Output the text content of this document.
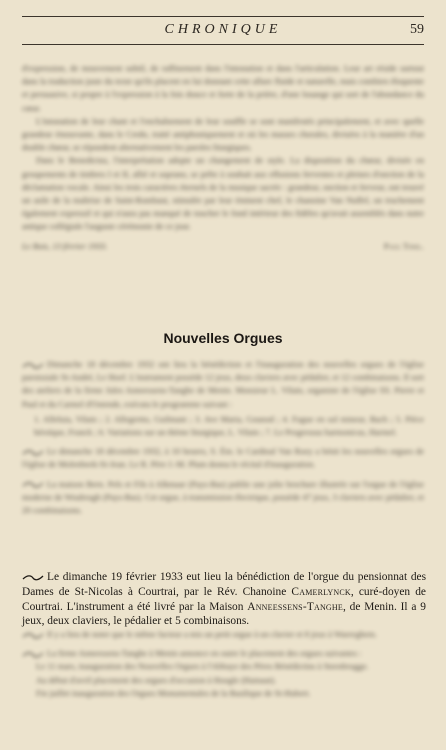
CHRONIQUE	59

d'expression, de mouvement subtil, de raffinement dans l'intonation et dans l'articulation. Leur art réside surtout dans la traduction juste du texte qu'ils placent en lui donnant cette allure fluide et naturelle, mais combien éloquente et persuasive, si propre à l'expression à la fois douce et forte de la prière, d'une louange qui sort de l'abondance du cœur.

L'intonation de leur chant et l'enchaînement de leur souffle se sont manifestés principalement, et avec quelle grandeur émouvante, dans le Credo, traité antiphoniquement et où les masses chorales, divisées à la manière d'un double chœur, se répondent alternativement les paroles liturgiques.

Dans le Benedictus, l'interprétation adopte un changement de style. La disposition du chœur, divisée en groupements de timbres I et II, allié et soprano, se prête à souhait aux effusions ferventes et pleines d'onction de la déclamation vocale. Ainsi les trois caractères éternels de la musique sacrée : grandeur, onction et ferveur, ont trouvé un asile de la maîtrise de Saint-Rombaut, stimulée par leur éminent chef, le chanoine Van Nuffel, un truchement également expressif et qui n'aura pas manqué de toucher le fond intérieur des fidèles qu'avait assemblés dans notre antique collégiale l'auguste cérémonie de ce jour.

Le Bois, 13 février 1933.	Paul Tinel.
Nouvelles Orgues

Dimanche 18 décembre 1932 ont lieu la bénédiction et l'inauguration des nouvelles orgues de l'église paroissiale St-André, Le Hoef. L'instrument possède 12 jeux, deux claviers avec pédalier, et 12 combinaisons. Il sort des ateliers de la firme Jules Anneessens-Tanghe de Menin. Monsieur L. Vilain, organiste de l'église SS. Pierre et Paul et du Carmel d'Ostende, exécuta le programme suivant :

1. Alleluia, Vilain ; 2. Allegretto, Guilmant ; 3. Ave Maria, Gounod ; 4. Fugue en sol mineur, Bach ; 5. Pièce héroïque, Franck ; 6. Variations sur un thème liturgique, L. Vilain ; 7. Le Progressus harmonicus, Harmel.

Le dimanche 18 décembre 1932, à 10 heures, S. Ém. le Cardinal Van Roey a bénit les nouvelles orgues de l'église de Molenbeek-St-Jean. Le R. Père J.-M. Plum donna le récital d'inauguration.

La maison Bern. Pels et Fils à Alkmaar (Pays-Bas) publie une jolie brochure illustrée sur l'orgue de l'église moderne de Woubrugh (Pays-Bas). Cet orgue, à transmission électrique, possède 47 jeux, 3 claviers avec pédalier, et 20 combinaisons.

Le dimanche 19 février 1933 eut lieu la bénédiction de l'orgue du pensionnat des Dames de St-Nicolas à Courtrai, par le Rév. Chanoine Camerlynck, curé-doyen de Courtrai. L'instrument a été livré par la Maison Anneessens-Tanghe, de Menin. Il a 9 jeux, deux claviers, le pédalier et 5 combinaisons.

Il y a lieu de noter que le même facteur a mis un petit orgue à un clavier et 8 jeux à Waereghem.

La firme Anneessens-Tanghe à Menin annonce en outre le placement des orgues suivantes :

Le 11 mars, inauguration des Nouvelles Orgues à l'Abbaye des Pères Bénédictins à Steenbrugge.

Au début d'avril placement des orgues d'occasion à Hoogle (Hainaut).

Fin juillet inauguration des Orgues Monumentales de la Basilique de St-Hubert.
